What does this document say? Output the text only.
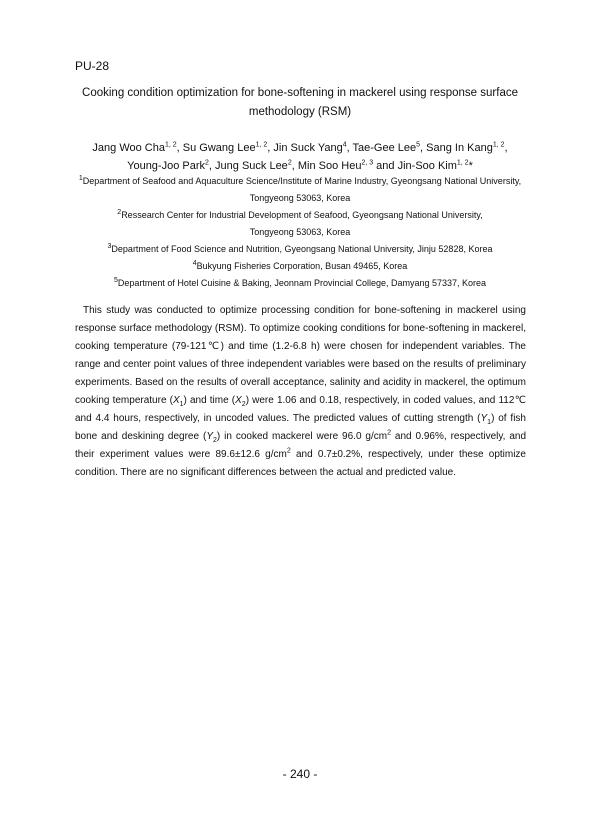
PU-28
Cooking condition optimization for bone-softening in mackerel using response surface methodology (RSM)
Jang Woo Cha$^{1, 2}$, Su Gwang Lee$^{1, 2}$, Jin Suck Yang$^4$, Tae-Gee Lee$^5$, Sang In Kang$^{1, 2}$,
Young-Joo Park$^2$, Jung Suck Lee$^2$, Min Soo Heu$^{2, 3}$ and Jin-Soo Kim$^{1, 2}$*
$^1$Department of Seafood and Aquaculture Science/Institute of Marine Industry, Gyeongsang National University,
Tongyeong 53063, Korea
$^2$Ressearch Center for Industrial Development of Seafood, Gyeongsang National University,
Tongyeong 53063, Korea
$^3$Department of Food Science and Nutrition, Gyeongsang National University, Jinju 52828, Korea
$^4$Bukyung Fisheries Corporation, Busan 49465, Korea
$^5$Department of Hotel Cuisine & Baking, Jeonnam Provincial College, Damyang 57337, Korea
This study was conducted to optimize processing condition for bone-softening in mackerel using response surface methodology (RSM). To optimize cooking conditions for bone-softening in mackerel, cooking temperature (79-121℃) and time (1.2-6.8 h) were chosen for independent variables. The range and center point values of three independent variables were based on the results of preliminary experiments. Based on the results of overall acceptance, salinity and acidity in mackerel, the optimum cooking temperature $(X_1)$ and time $(X_2)$ were 1.06 and 0.18, respectively, in coded values, and 112℃ and 4.4 hours, respectively, in uncoded values. The predicted values of cutting strength $(Y_1)$ of fish bone and deskining degree $(Y_2)$ in cooked mackerel were 96.0 $g/cm^2$ and 0.96%, respectively, and their experiment values were 89.6±12.6 $g/cm^2$ and 0.7±0.2%, respectively, under these optimize condition. There are no significant differences between the actual and predicted value.
- 240 -
